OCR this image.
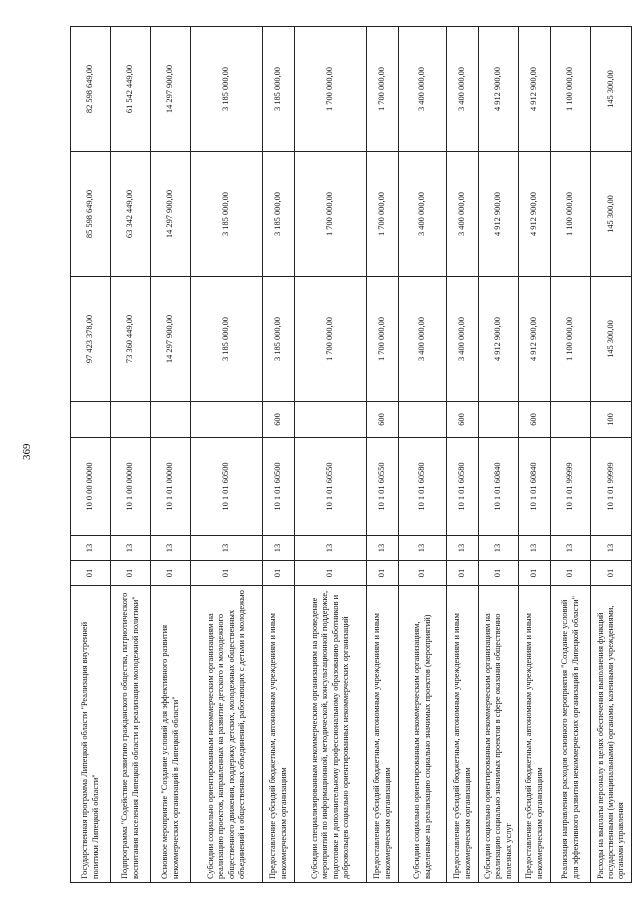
369
Государственная программа Липецкой области "Реализация внутренней политики Липецкой области"	01	13	10 0 00 00000		97 423 378,00	85 598 649,00	82 598 649,00
Подпрограмма "Содействие развитию гражданского общества, патриотического воспитания населения Липецкой области и реализации молодежной политики"	01	13	10 1 00 00000		73 360 449,00	63 342 449,00	61 542 449,00
Основное мероприятие "Создание условий для эффективного развития некоммерческих организаций в Липецкой области"	01	13	10 1 01 00000		14 297 900,00	14 297 900,00	14 297 900,00
Субсидии социально ориентированным некоммерческим организациям на реализацию проектов, направленных на развитие детского и молодежного общественного движения, поддержку детских, молодежных общественных объединений и общественных объединений, работающих с детьми и молодежью	01	13	10 1 01 60500		3 185 000,00	3 185 000,00	3 185 000,00
Предоставление субсидий бюджетным, автономным учреждениям и иным некоммерческим организациям	01	13	10 1 01 60500	600	3 185 000,00	3 185 000,00	3 185 000,00
Субсидии специализированным некоммерческим организациям на проведение мероприятий по информационной, методической, консультационной поддержке, подготовке и дополнительному профессиональному образованию работников и добровольцев социально ориентированных некоммерческих организаций	01	13	10 1 01 60550		1 700 000,00	1 700 000,00	1 700 000,00
Предоставление субсидий бюджетным, автономным учреждениям и иным некоммерческим организациям	01	13	10 1 01 60550	600	1 700 000,00	1 700 000,00	1 700 000,00
Субсидии социально ориентированным некоммерческим организациям, выделенные на реализацию социально значимых проектов (мероприятий)	01	13	10 1 01 60580		3 400 000,00	3 400 000,00	3 400 000,00
Предоставление субсидий бюджетным, автономным учреждениям и иным некоммерческим организациям	01	13	10 1 01 60580	600	3 400 000,00	3 400 000,00	3 400 000,00
Субсидии социально ориентированным некоммерческим организациям на реализацию социально значимых проектов в сфере оказания общественно полезных услуг	01	13	10 1 01 60840		4 912 900,00	4 912 900,00	4 912 900,00
Предоставление субсидий бюджетным, автономным учреждениям и иным некоммерческим организациям	01	13	10 1 01 60840	600	4 912 900,00	4 912 900,00	4 912 900,00
Реализация направления расходов основного мероприятия "Создание условий для эффективного развития некоммерческих организаций в Липецкой области"	01	13	10 1 01 99999		1 100 000,00	1 100 000,00	1 100 000,00
Расходы на выплаты персоналу в целях обеспечения выполнения функций государственными (муниципальными) органами, казенными учреждениями, органами управления	01	13	10 1 01 99999	100	145 300,00	145 300,00	145 300,00
